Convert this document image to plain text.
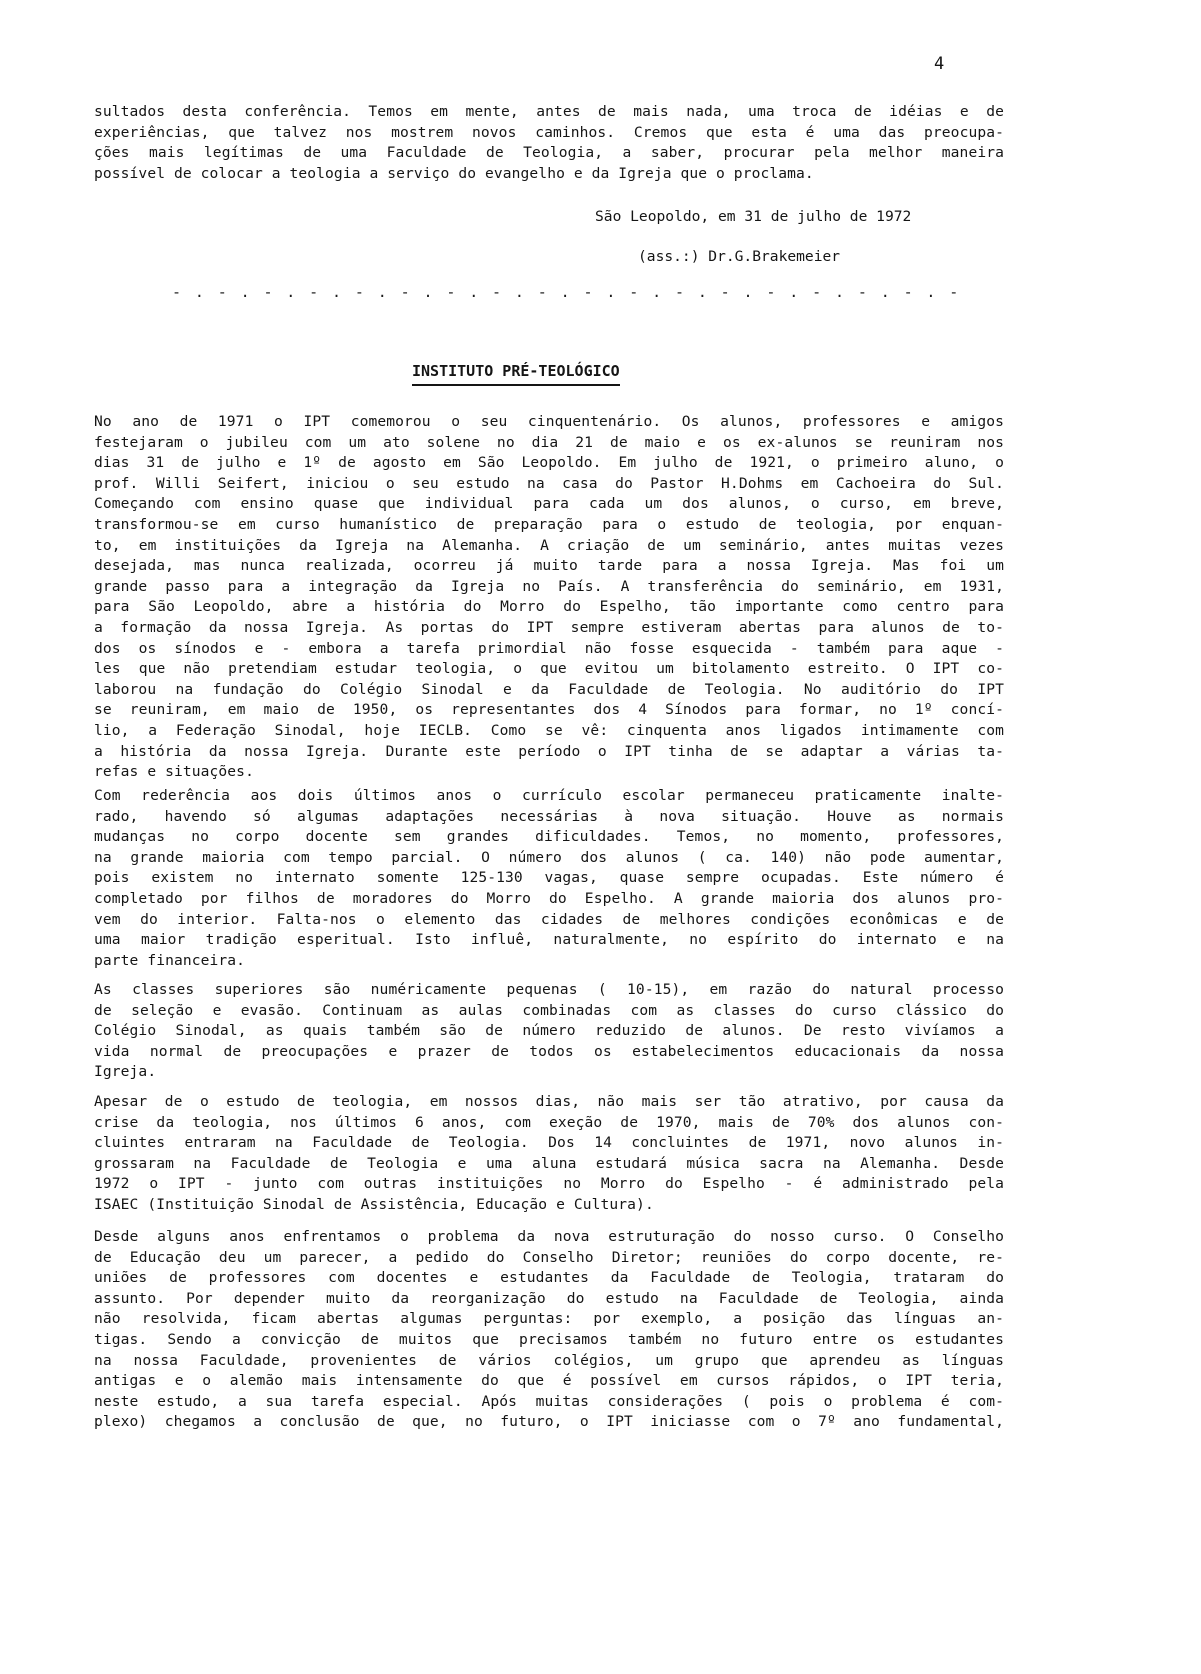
4
sultados desta conferência. Temos em mente, antes de mais nada, uma troca de idéias e de
experiências, que talvez nos mostrem novos caminhos. Cremos que esta é uma das preocupa-
ções mais legítimas de uma Faculdade de Teologia, a saber, procurar pela melhor maneira
possível de colocar a teologia a serviço do evangelho e da Igreja que o proclama.
São Leopoldo, em 31 de julho de 1972
(ass.:) Dr.G.Brakemeier
- . - . - . - . - . - . - . - . - . - . - . - . - . - . - . - . - . -
INSTITUTO PRÉ-TEOLÓGICO
No ano de 1971 o IPT comemorou o seu cinquentenário. Os alunos, professores e amigos
festejaram o jubileu com um ato solene no dia 21 de maio e os ex-alunos se reuniram nos
dias 31 de julho e 1º de agosto em São Leopoldo. Em julho de 1921, o primeiro aluno, o
prof. Willi Seifert, iniciou o seu estudo na casa do Pastor H.Dohms em Cachoeira do Sul.
Começando com ensino quase que individual para cada um dos alunos, o curso, em breve,
transformou-se em curso humanístico de preparação para o estudo de teologia, por enquan-
to, em instituições da Igreja na Alemanha. A criação de um seminário, antes muitas vezes
desejada, mas nunca realizada, ocorreu já muito tarde para a nossa Igreja. Mas foi um
grande passo para a integração da Igreja no País. A transferência do seminário, em 1931,
para São Leopoldo, abre a história do Morro do Espelho, tão importante como centro para
a formação da nossa Igreja. As portas do IPT sempre estiveram abertas para alunos de to-
dos os sínodos e - embora a tarefa primordial não fosse esquecida - também para aque -
les que não pretendiam estudar teologia, o que evitou um bitolamento estreito. O IPT co-
laborou na fundação do Colégio Sinodal e da Faculdade de Teologia. No auditório do IPT
se reuniram, em maio de 1950, os representantes dos 4 Sínodos para formar, no 1º concí-
lio, a Federação Sinodal, hoje IECLB. Como se vê: cinquenta anos ligados intimamente com
a história da nossa Igreja. Durante este período o IPT tinha de se adaptar a várias ta-
refas e situações.
Com rederência aos dois últimos anos o currículo escolar permaneceu praticamente inalte-
rado, havendo só algumas adaptações necessárias à nova situação. Houve as normais
mudanças no corpo docente sem grandes dificuldades. Temos, no momento, professores,
na grande maioria com tempo parcial. O número dos alunos ( ca. 140) não pode aumentar,
pois existem no internato somente 125-130 vagas, quase sempre ocupadas. Este número é
completado por filhos de moradores do Morro do Espelho. A grande maioria dos alunos pro-
vem do interior. Falta-nos o elemento das cidades de melhores condições econômicas e de
uma maior tradição esperitual. Isto influê, naturalmente, no espírito do internato e na
parte financeira.
As classes superiores são numéricamente pequenas ( 10-15), em razão do natural processo
de seleção e evasão. Continuam as aulas combinadas com as classes do curso clássico do
Colégio Sinodal, as quais também são de número reduzido de alunos. De resto vivíamos a
vida normal de preocupações e prazer de todos os estabelecimentos educacionais da nossa
Igreja.
Apesar de o estudo de teologia, em nossos dias, não mais ser tão atrativo, por causa da
crise da teologia, nos últimos 6 anos, com exeção de 1970, mais de 70% dos alunos con-
cluintes entraram na Faculdade de Teologia. Dos 14 concluintes de 1971, novo alunos in-
grossaram na Faculdade de Teologia e uma aluna estudará música sacra na Alemanha. Desde
1972 o IPT - junto com outras instituições no Morro do Espelho - é administrado pela
ISAEC (Instituição Sinodal de Assistência, Educação e Cultura).
Desde alguns anos enfrentamos o problema da nova estruturação do nosso curso. O Conselho
de Educação deu um parecer, a pedido do Conselho Diretor; reuniões do corpo docente, re-
uniões de professores com docentes e estudantes da Faculdade de Teologia, trataram do
assunto. Por depender muito da reorganização do estudo na Faculdade de Teologia, ainda
não resolvida, ficam abertas algumas perguntas: por exemplo, a posição das línguas an-
tigas. Sendo a convicção de muitos que precisamos também no futuro entre os estudantes
na nossa Faculdade, provenientes de vários colégios, um grupo que aprendeu as línguas
antigas e o alemão mais intensamente do que é possível em cursos rápidos, o IPT teria,
neste estudo, a sua tarefa especial. Após muitas considerações ( pois o problema é com-
plexo) chegamos a conclusão de que, no futuro, o IPT iniciasse com o 7º ano fundamental,
